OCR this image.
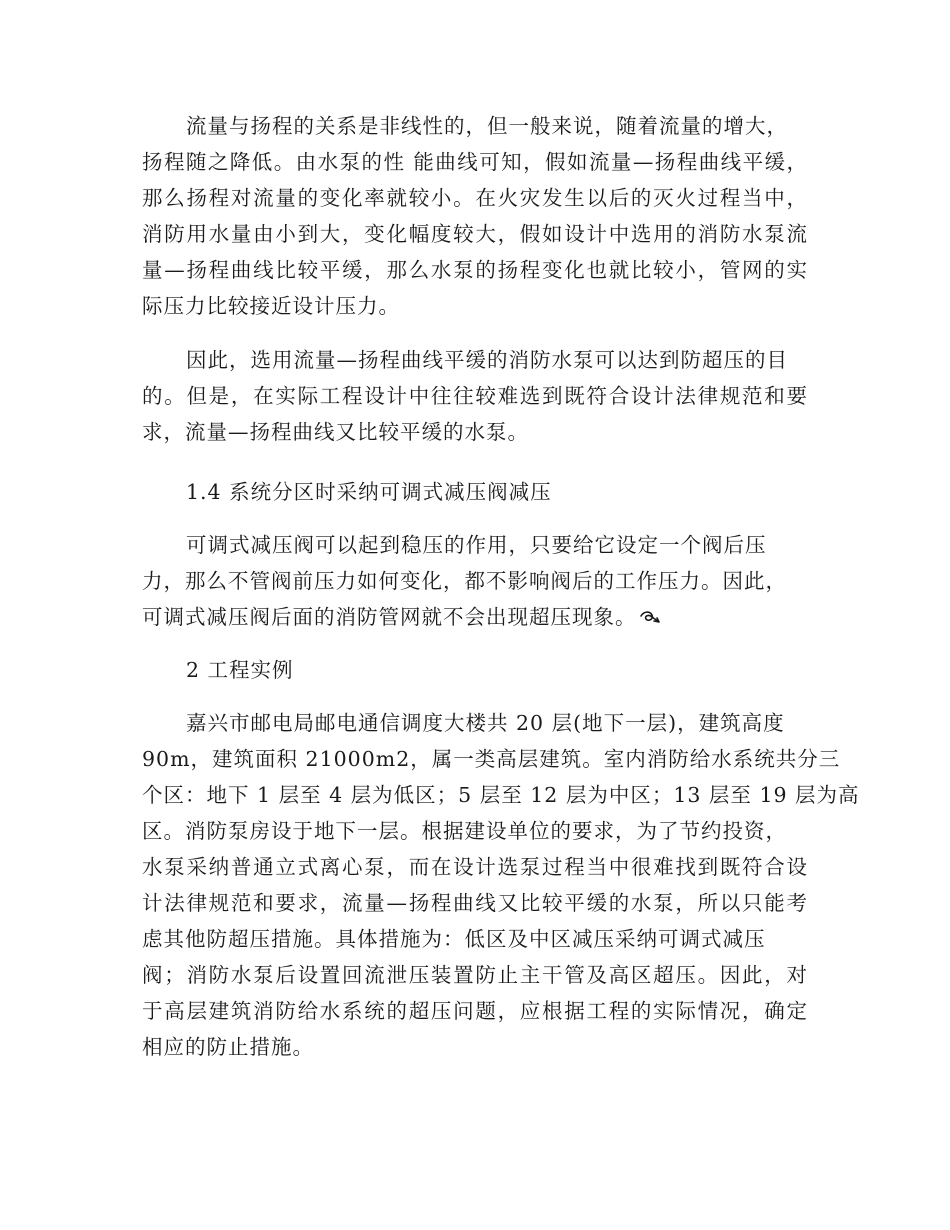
流量与扬程的关系是非线性的，但一般来说，随着流量的增大，
扬程随之降低。由水泵的性 能曲线可知，假如流量—扬程曲线平缓，
那么扬程对流量的变化率就较小。在火灾发生以后的灭火过程当中，
消防用水量由小到大，变化幅度较大，假如设计中选用的消防水泵流
量—扬程曲线比较平缓，那么水泵的扬程变化也就比较小，管网的实
际压力比较接近设计压力。
因此，选用流量—扬程曲线平缓的消防水泵可以达到防超压的目
的。但是，在实际工程设计中往往较难选到既符合设计法律规范和要
求，流量—扬程曲线又比较平缓的水泵。
1.4 系统分区时采纳可调式减压阀减压
可调式减压阀可以起到稳压的作用，只要给它设定一个阀后压
力，那么不管阀前压力如何变化，都不影响阀后的工作压力。因此，
可调式减压阀后面的消防管网就不会出现超压现象。
2 工程实例
嘉兴市邮电局邮电通信调度大楼共 20 层(地下一层)，建筑高度
90m，建筑面积 21000m2，属一类高层建筑。室内消防给水系统共分三
个区：地下 1 层至 4 层为低区；5 层至 12 层为中区；13 层至 19 层为高
区。消防泵房设于地下一层。根据建设单位的要求，为了节约投资，
水泵采纳普通立式离心泵，而在设计选泵过程当中很难找到既符合设
计法律规范和要求，流量—扬程曲线又比较平缓的水泵，所以只能考
虑其他防超压措施。具体措施为：低区及中区减压采纳可调式减压
阀；消防水泵后设置回流泄压装置防止主干管及高区超压。因此，对
于高层建筑消防给水系统的超压问题，应根据工程的实际情况，确定
相应的防止措施。
